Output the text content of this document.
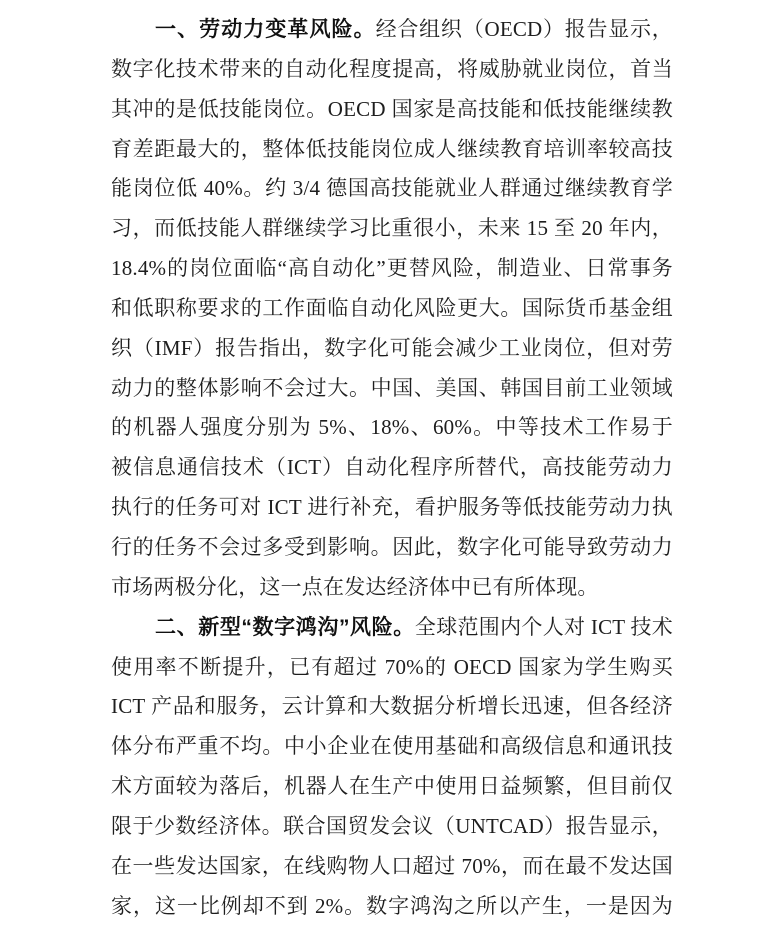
一、劳动力变革风险。经合组织（OECD）报告显示，
数字化技术带来的自动化程度提高，将威胁就业岗位，首当
其冲的是低技能岗位。OECD 国家是高技能和低技能继续教
育差距最大的，整体低技能岗位成人继续教育培训率较高技
能岗位低 40%。约 3/4 德国高技能就业人群通过继续教育学
习，而低技能人群继续学习比重很小，未来 15 至 20 年内，
18.4%的岗位面临“高自动化”更替风险，制造业、日常事务
和低职称要求的工作面临自动化风险更大。国际货币基金组
织（IMF）报告指出，数字化可能会减少工业岗位，但对劳
动力的整体影响不会过大。中国、美国、韩国目前工业领域
的机器人强度分别为 5%、18%、60%。中等技术工作易于
被信息通信技术（ICT）自动化程序所替代，高技能劳动力
执行的任务可对 ICT 进行补充，看护服务等低技能劳动力执
行的任务不会过多受到影响。因此，数字化可能导致劳动力
市场两极分化，这一点在发达经济体中已有所体现。
二、新型“数字鸿沟”风险。全球范围内个人对 ICT 技术
使用率不断提升，已有超过 70%的 OECD 国家为学生购买
ICT 产品和服务，云计算和大数据分析增长迅速，但各经济
体分布严重不均。中小企业在使用基础和高级信息和通讯技
术方面较为落后，机器人在生产中使用日益频繁，但目前仅
限于少数经济体。联合国贸发会议（UNTCAD）报告显示，
在一些发达国家，在线购物人口超过 70%，而在最不发达国
家，这一比例却不到 2%。数字鸿沟之所以产生，一是因为
